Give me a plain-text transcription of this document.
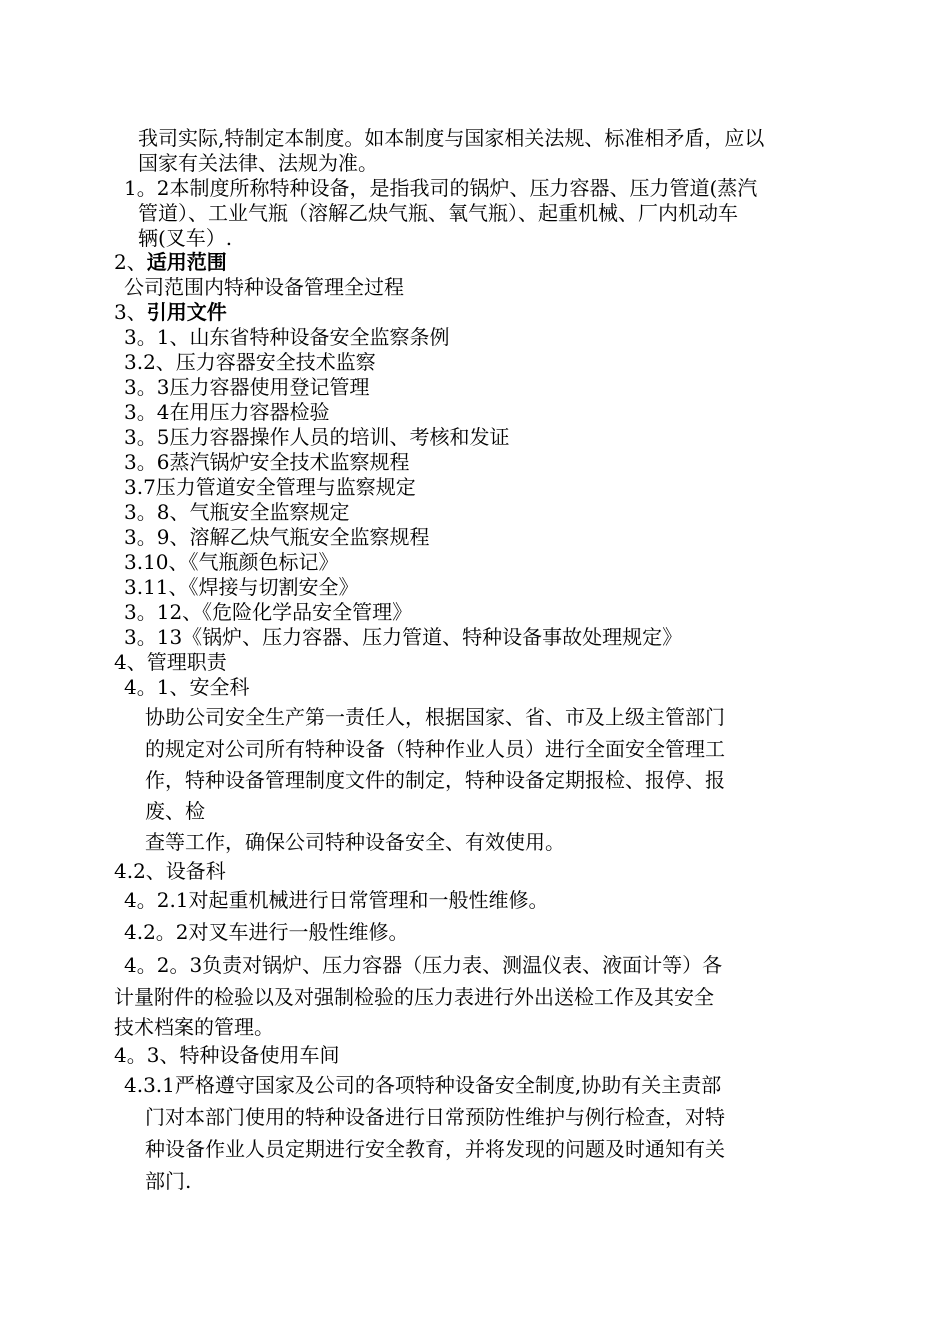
我司实际,特制定本制度。如本制度与国家相关法规、标准相矛盾，应以
国家有关法律、法规为准。
1。2本制度所称特种设备，是指我司的锅炉、压力容器、压力管道(蒸汽
管道）、工业气瓶（溶解乙炔气瓶、氧气瓶）、起重机械、厂内机动车
辆(叉车）.
2、适用范围
公司范围内特种设备管理全过程
3、引用文件
3。1、山东省特种设备安全监察条例
3.2、压力容器安全技术监察
3。3压力容器使用登记管理
3。4在用压力容器检验
3。5压力容器操作人员的培训、考核和发证
3。6蒸汽锅炉安全技术监察规程
3.7压力管道安全管理与监察规定
3。8、气瓶安全监察规定
3。9、溶解乙炔气瓶安全监察规程
3.10、《气瓶颜色标记》
3.11、《焊接与切割安全》
3。12、《危险化学品安全管理》
3。13《锅炉、压力容器、压力管道、特种设备事故处理规定》
4、管理职责
4。1、安全科
协助公司安全生产第一责任人，根据国家、省、市及上级主管部门
的规定对公司所有特种设备（特种作业人员）进行全面安全管理工
作，特种设备管理制度文件的制定，特种设备定期报检、报停、报
废、检
查等工作，确保公司特种设备安全、有效使用。
4.2、设备科
4。2.1对起重机械进行日常管理和一般性维修。
4.2。2对叉车进行一般性维修。
4。2。3负责对锅炉、压力容器（压力表、测温仪表、液面计等）各
计量附件的检验以及对强制检验的压力表进行外出送检工作及其安全
技术档案的管理。
4。3、特种设备使用车间
4.3.1严格遵守国家及公司的各项特种设备安全制度,协助有关主责部
门对本部门使用的特种设备进行日常预防性维护与例行检查，对特
种设备作业人员定期进行安全教育，并将发现的问题及时通知有关
部门.
